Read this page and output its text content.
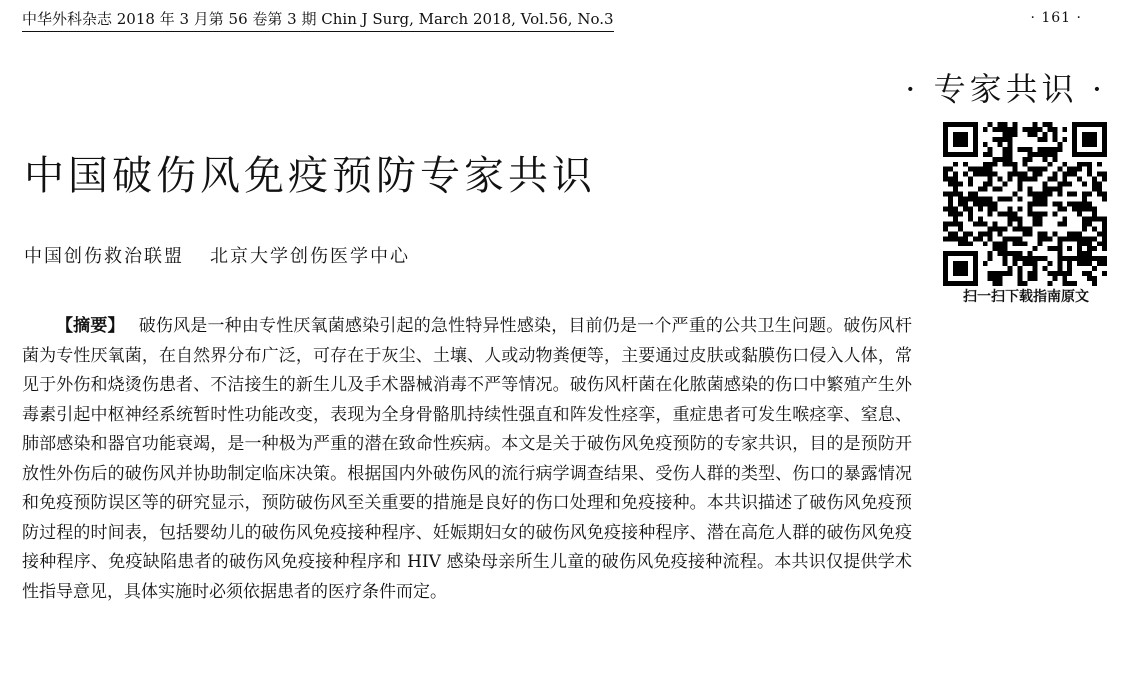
中华外科杂志 2018 年 3 月第 56 卷第 3 期 Chin J Surg, March 2018, Vol.56, No.3	· 161 ·
· 专家共识 ·
扫一扫下载指南原文
中国破伤风免疫预防专家共识
中国创伤救治联盟 北京大学创伤医学中心
【摘要】 破伤风是一种由专性厌氧菌感染引起的急性特异性感染，目前仍是一个严重的公共卫生问题。破伤风杆菌为专性厌氧菌，在自然界分布广泛，可存在于灰尘、土壤、人或动物粪便等，主要通过皮肤或黏膜伤口侵入人体，常见于外伤和烧烫伤患者、不洁接生的新生儿及手术器械消毒不严等情况。破伤风杆菌在化脓菌感染的伤口中繁殖产生外毒素引起中枢神经系统暂时性功能改变，表现为全身骨骼肌持续性强直和阵发性痉挛，重症患者可发生喉痉挛、窒息、肺部感染和器官功能衰竭，是一种极为严重的潜在致命性疾病。本文是关于破伤风免疫预防的专家共识，目的是预防开放性外伤后的破伤风并协助制定临床决策。根据国内外破伤风的流行病学调查结果、受伤人群的类型、伤口的暴露情况和免疫预防误区等的研究显示，预防破伤风至关重要的措施是良好的伤口处理和免疫接种。本共识描述了破伤风免疫预防过程的时间表，包括婴幼儿的破伤风免疫接种程序、妊娠期妇女的破伤风免疫接种程序、潜在高危人群的破伤风免疫接种程序、免疫缺陷患者的破伤风免疫接种程序和 HIV 感染母亲所生儿童的破伤风免疫接种流程。本共识仅提供学术性指导意见，具体实施时必须依据患者的医疗条件而定。
